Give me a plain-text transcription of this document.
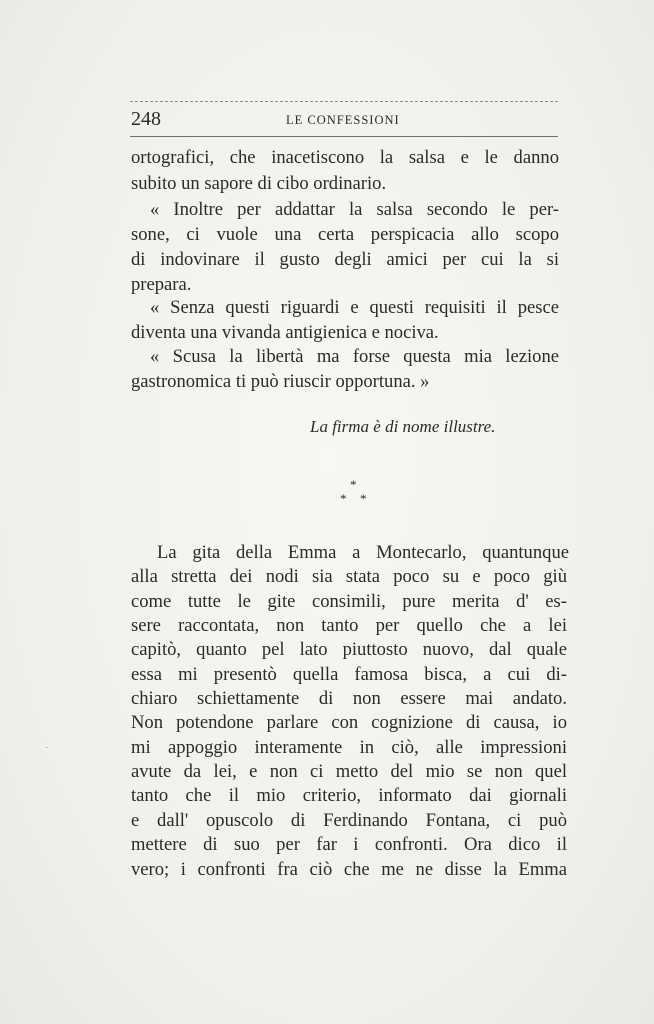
248	LE CONFESSIONI
ortografici, che inacetiscono la salsa e le danno
subito un sapore di cibo ordinario.
« Inoltre per addattar la salsa secondo le per-
sone, ci vuole una certa perspicacia allo scopo
di indovinare il gusto degli amici per cui la si
prepara.
« Senza questi riguardi e questi requisiti il pesce
diventa una vivanda antigienica e nociva.
« Scusa la libertà ma forse questa mia lezione
gastronomica ti può riuscir opportuna. »
La firma è di nome illustre.
*
* *
La gita della Emma a Montecarlo, quantunque
alla stretta dei nodi sia stata poco su e poco giù
come tutte le gite consimili, pure merita d' es-
sere raccontata, non tanto per quello che a lei
capitò, quanto pel lato piuttosto nuovo, dal quale
essa mi presentò quella famosa bisca, a cui di-
chiaro schiettamente di non essere mai andato.
Non potendone parlare con cognizione di causa, io
mi appoggio interamente in ciò, alle impressioni
avute da lei, e non ci metto del mio se non quel
tanto che il mio criterio, informato dai giornali
e dall' opuscolo di Ferdinando Fontana, ci può
mettere di suo per far i confronti. Ora dico il
vero; i confronti fra ciò che me ne disse la Emma
·
